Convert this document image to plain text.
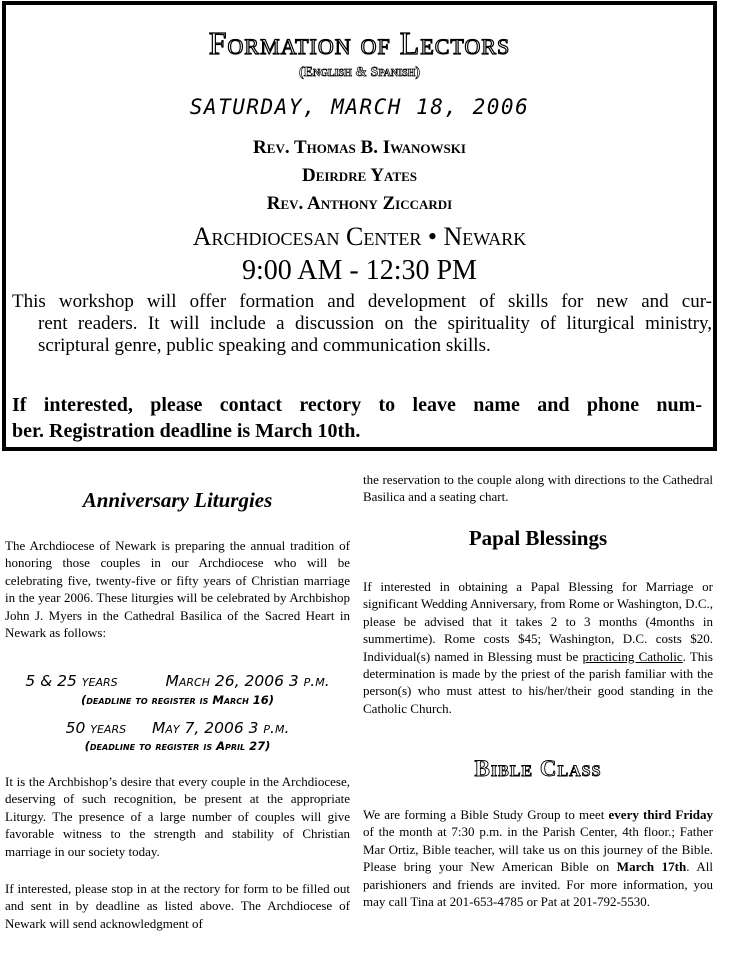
Formation of Lectors
(English & Spanish)
SATURDAY, MARCH 18, 2006
Rev. Thomas B. Iwanowski
Deirdre Yates
Rev. Anthony Ziccardi
Archdiocesan Center • Newark
9:00 AM - 12:30 PM
This workshop will offer formation and development of skills for new and cur-
rent readers. It will include a discussion on the spirituality of liturgical ministry, scriptural genre, public speaking and communication skills.
If interested, please contact rectory to leave name and phone num-
ber. Registration deadline is March 10th.
Anniversary Liturgies

The Archdiocese of Newark is preparing the annual tradition of honoring those couples in our Archdiocese who will be celebrating five, twenty-five or fifty years of Christian marriage in the year 2006. These liturgies will be celebrated by Archbishop John J. Myers in the Cathedral Basilica of the Sacred Heart in Newark as follows:

5 & 25 years	March 26, 2006 3 p.m.
(deadline to register is March 16)
50 years May 7, 2006 3 p.m.
(deadline to register is April 27)

It is the Archbishop’s desire that every couple in the Archdiocese, deserving of such recognition, be present at the appropriate Liturgy. The presence of a large number of couples will give favorable witness to the strength and stability of Christian marriage in our society today.

If interested, please stop in at the rectory for form to be filled out and sent in by deadline as listed above. The Archdiocese of Newark will send acknowledgment of

the reservation to the couple along with directions to the Cathedral Basilica and a seating chart.

Papal Blessings

If interested in obtaining a Papal Blessing for Marriage or significant Wedding Anniversary, from Rome or Washington, D.C., please be advised that it takes 2 to 3 months (4months in summertime). Rome costs $45; Washington, D.C. costs $20. Individual(s) named in Blessing must be practicing Catholic. This determination is made by the priest of the parish familiar with the person(s) who must attest to his/her/their good standing in the Catholic Church.

Bible Class

We are forming a Bible Study Group to meet every third Friday of the month at 7:30 p.m. in the Parish Center, 4th floor.; Father Mar Ortiz, Bible teacher, will take us on this journey of the Bible. Please bring your New American Bible on March 17th. All parishioners and friends are invited. For more information, you may call Tina at 201-653-4785 or Pat at 201-792-5530.
